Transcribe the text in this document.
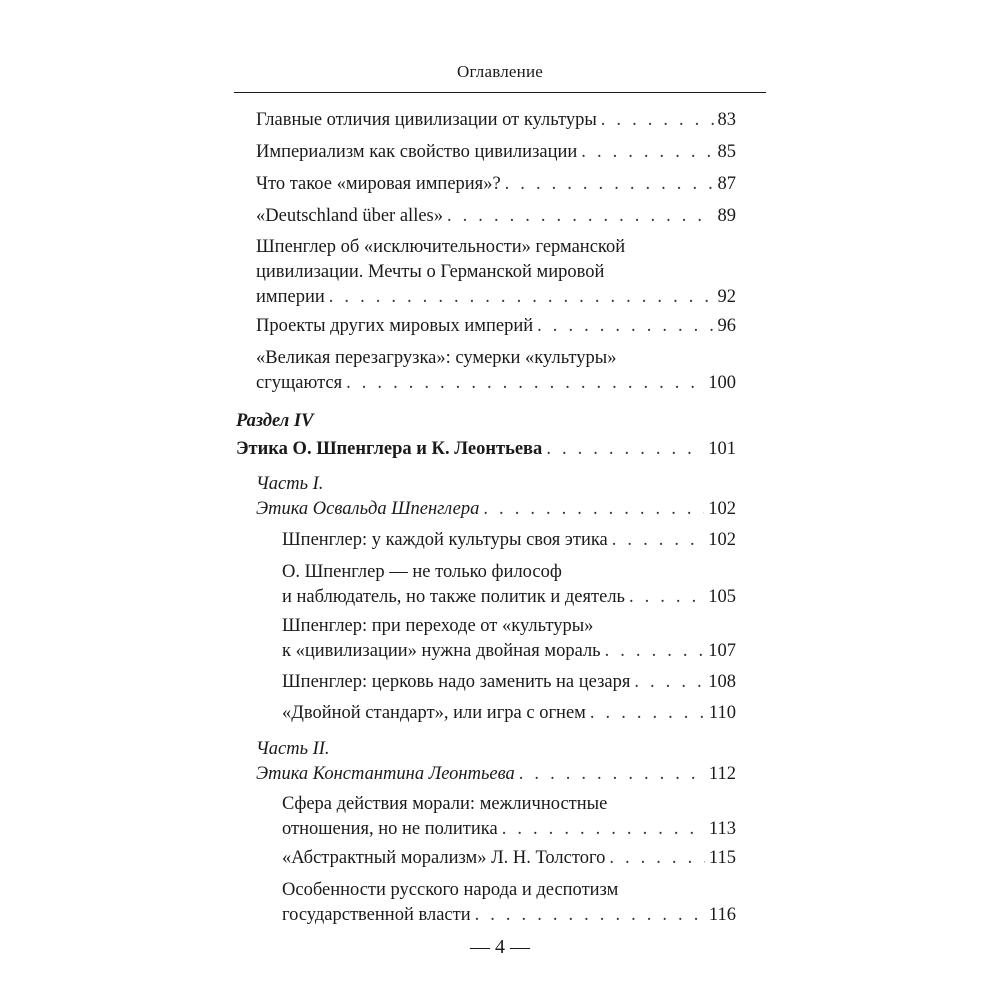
Оглавление
Главные отличия цивилизации от культуры . . .	83
Империализм как свойство цивилизации . . .	85
Что такое «мировая империя»? . . .	87
«Deutschland über alles» . . .	89
Шпенглер об «исключительности» германской
цивилизации. Мечты о Германской мировой
империи . . .	92
Проекты других мировых империй . . .	96
«Великая перезагрузка»: сумерки «культуры»
сгущаются . . .	100
Раздел IV
Этика О. Шпенглера и К. Леонтьева . . .	101
Часть I.
Этика Освальда Шпенглера . . .	102
Шпенглер: у каждой культуры своя этика . . .	102
О. Шпенглер — не только философ
и наблюдатель, но также политик и деятель . . .	105
Шпенглер: при переходе от «культуры»
к «цивилизации» нужна двойная мораль . . .	107
Шпенглер: церковь надо заменить на цезаря . . .	108
«Двойной стандарт», или игра с огнем . . .	110
Часть II.
Этика Константина Леонтьева . . .	112
Сфера действия морали: межличностные
отношения, но не политика . . .	113
«Абстрактный морализм» Л. Н. Толстого . . .	115
Особенности русского народа и деспотизм
государственной власти . . .	116
— 4 —
